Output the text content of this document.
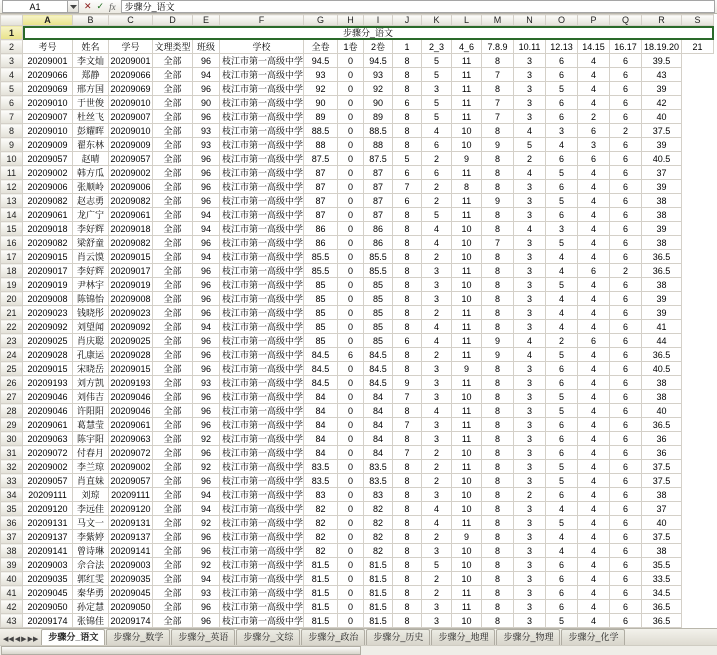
A1	✕ ✓ fx	步骤分_语文
	A	B	C	D	E	F	G	H	I	J	K	L	M	N	O	P	Q	R	S
1	步骤分_语文																		
2	考号	姓名	学号	文理类型	班级	学校	全卷	1卷	2卷	1	2_3	4_6	7.8.9	10.11	12.13	14.15	16.17	18.19.20	21
3	20209001	李文灿	20209001	全部	96	枝江市第一高级中学	94.5	0	94.5	8	5	11	8	3	6	4	6	39.5	
4	20209066	郑静	20209066	全部	94	枝江市第一高级中学	93	0	93	8	5	11	7	3	6	4	6	43	
5	20209069	邢方国	20209069	全部	96	枝江市第一高级中学	92	0	92	8	3	11	8	3	5	4	6	39	
6	20209010	于世俊	20209010	全部	90	枝江市第一高级中学	90	0	90	6	5	11	7	3	6	4	6	42	
7	20209007	杜丝飞	20209007	全部	96	枝江市第一高级中学	89	0	89	8	5	11	7	3	6	2	6	40	
8	20209010	彭耀晖	20209010	全部	93	枝江市第一高级中学	88.5	0	88.5	8	4	10	8	4	3	6	2	37.5	
9	20209009	翟东林	20209009	全部	93	枝江市第一高级中学	88	0	88	8	6	10	9	5	4	3	6	39	
10	20209057	赵晴	20209057	全部	96	枝江市第一高级中学	87.5	0	87.5	5	2	9	8	2	6	6	6	40.5	
11	20209002	韩方瓜	20209002	全部	96	枝江市第一高级中学	87	0	87	6	6	11	8	4	5	4	6	37	
12	20209006	张顺岭	20209006	全部	96	枝江市第一高级中学	87	0	87	7	2	8	8	3	6	4	6	39	
13	20209082	赵志勇	20209082	全部	96	枝江市第一高级中学	87	0	87	6	2	11	9	3	5	4	6	38	
14	20209061	龙广宁	20209061	全部	94	枝江市第一高级中学	87	0	87	8	5	11	8	3	6	4	6	38	
15	20209018	李好辉	20209018	全部	94	枝江市第一高级中学	86	0	86	8	4	10	8	4	3	4	6	39	
16	20209082	梁舒童	20209082	全部	96	枝江市第一高级中学	86	0	86	8	4	10	7	3	5	4	6	38	
17	20209015	肖云馍	20209015	全部	94	枝江市第一高级中学	85.5	0	85.5	8	2	10	8	3	4	4	6	36.5	
18	20209017	李好辉	20209017	全部	96	枝江市第一高级中学	85.5	0	85.5	8	3	11	8	3	4	6	2	36.5	
19	20209019	尹林宇	20209019	全部	96	枝江市第一高级中学	85	0	85	8	3	10	8	3	5	4	6	38	
20	20209008	陈锦怡	20209008	全部	96	枝江市第一高级中学	85	0	85	8	3	10	8	3	4	4	6	39	
21	20209023	钱晓彤	20209023	全部	96	枝江市第一高级中学	85	0	85	8	2	11	8	3	4	4	6	39	
22	20209092	刘望闻	20209092	全部	94	枝江市第一高级中学	85	0	85	8	4	11	8	3	4	4	6	41	
23	20209025	肖庆聪	20209025	全部	96	枝江市第一高级中学	85	0	85	6	4	11	9	4	2	6	6	44	
24	20209028	孔康运	20209028	全部	96	枝江市第一高级中学	84.5	6	84.5	8	2	11	9	4	5	4	6	36.5	
25	20209015	宋晓岳	20209015	全部	96	枝江市第一高级中学	84.5	0	84.5	8	3	9	8	3	6	4	6	40.5	
26	20209193	刘方凯	20209193	全部	93	枝江市第一高级中学	84.5	0	84.5	9	3	11	8	3	6	4	6	38	
27	20209046	刘伟吉	20209046	全部	96	枝江市第一高级中学	84	0	84	7	3	10	8	3	5	4	6	38	
28	20209046	许阳阳	20209046	全部	96	枝江市第一高级中学	84	0	84	8	4	11	8	3	5	4	6	40	
29	20209061	葛慧莹	20209061	全部	96	枝江市第一高级中学	84	0	84	7	3	11	8	3	6	4	6	36.5	
30	20209063	陈宇阳	20209063	全部	92	枝江市第一高级中学	84	0	84	8	3	11	8	3	6	4	6	36	
31	20209072	付春月	20209072	全部	96	枝江市第一高级中学	84	0	84	7	2	10	8	3	6	4	6	36	
32	20209002	李兰琼	20209002	全部	92	枝江市第一高级中学	83.5	0	83.5	8	2	11	8	3	5	4	6	37.5	
33	20209057	肖直妹	20209057	全部	96	枝江市第一高级中学	83.5	0	83.5	8	2	10	8	3	5	4	6	37.5	
34	20209111	刘琼	20209111	全部	94	枝江市第一高级中学	83	0	83	8	3	10	8	2	6	4	6	38	
35	20209120	李远佳	20209120	全部	94	枝江市第一高级中学	82	0	82	8	4	10	8	3	4	4	6	37	
36	20209131	马文一	20209131	全部	92	枝江市第一高级中学	82	0	82	8	4	11	8	3	5	4	6	40	
37	20209137	李紫婷	20209137	全部	96	枝江市第一高级中学	82	0	82	8	2	9	8	3	4	4	6	37.5	
38	20209141	曾诗琳	20209141	全部	96	枝江市第一高级中学	82	0	82	8	3	10	8	3	4	4	6	38	
39	20209003	佘合法	20209003	全部	92	枝江市第一高级中学	81.5	0	81.5	8	5	10	8	3	6	4	6	35.5	
40	20209035	郭红雯	20209035	全部	94	枝江市第一高级中学	81.5	0	81.5	8	2	10	8	3	6	4	6	33.5	
41	20209045	秦华勇	20209045	全部	93	枝江市第一高级中学	81.5	0	81.5	8	2	11	8	3	6	4	6	34.5	
42	20209050	孙定慧	20209050	全部	96	枝江市第一高级中学	81.5	0	81.5	8	3	11	8	3	6	4	6	36.5	
43	20209174	张锦佳	20209174	全部	96	枝江市第一高级中学	81.5	0	81.5	8	3	10	8	3	5	4	6	36.5	
◀◀ ◀ ▶ ▶▶	步骤分_语文	步骤分_数学	步骤分_英语	步骤分_文综	步骤分_政治	步骤分_历史	步骤分_地理	步骤分_物理	步骤分_化学
